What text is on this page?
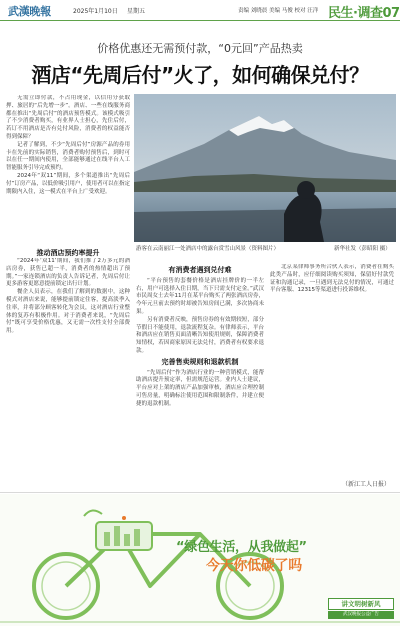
武漢晚報	2025年1月10日 星期五	责编 刘晓晨 美编 马俊 校对 汪洋 民生·调查07
价格优惠还无需预付款，“0元回”产品热卖
酒店“先周后付”火了，如何确保兑付？

无需立即付款，不占用现金，以信用分获取押、旅居的“后先增一步”。酒店、一些在线服务商都在推出“先周后付”的酒店预售模式。该模式吸引了不少消费者购买，有业界人士担心，先住后付，若订不用酒店是否有兑付风险，消费者的权益能否得到保障？

记者了解到，不少“先周后付”房源产品的券用卡在先前的实际销售，消费者购付预售后，到时可以在任一期间内使用，全部能够通过在线平台人工智能服务引导完成预约。

2024年“双11”期间，多个渠道推出“先周后付”订房产品，以低价吸引用户，使用者可以在指定期限内入住，这一模式在平台上广受欢迎。

推动酒店预约率提升

“2024年‘双11’期间，我们推了2万多元的酒店房券，获售已超一半，消费者的热情超出了预期。”一家连锁酒店的负责人告诉记者，先周后付让更多游客更愿意提前锁定出行计划。

餐企人员表示，在我们了解到的数据中，这种模式对酒店来说，能够提前锁定住客，提高淡季入住率，并将部分顾客转化为会员，这对酒店行业整体的复苏有积极作用。对于消费者来说，“先周后付”既可享受价格优惠，又无需一次性支付全部费用。

游客在云南丽江一处酒店中的露台赏雪山风景（资料图片）	新华社发（彭昭阳 摄）
有消费者遇到兑付难

“平台预售的套餐价格是酒店挂牌价的一半左右，用户可选择入住日期，当下只需支付定金。”武汉市民周女士去年11月在某平台购买了两张酒店房券，今年元旦前去预约时却被告知房间已满，多次协商未果。

另有消费者反映，预售房券的有效期较短，部分节假日不能使用，退款流程复杂。有律师表示，平台和酒店应在销售页面清晰告知使用规则，保障消费者知情权，若因商家原因无法兑付，消费者有权要求退款。

完善售卖规则和退款机制

“先周后付”作为酒店行业的一种营销模式，能帮助酒店提升预定率，但需规范运营。业内人士建议，平台应对上架的酒店产品加强审核，酒店应合理控制可售房量，明确标注使用范围和限制条件，并建立便捷的退款机制。

北京某律师事务所合伙人表示，消费者在购买此类产品时，应仔细阅读购买须知，保留好付款凭证和沟通记录，一旦遇到无法兑付的情况，可通过平台客服、12315等渠道进行投诉维权。

（新江工人日报）
“绿色生活，从我做起”
今天你低碳了吗
讲文明树新风
武汉晚报公益广告
